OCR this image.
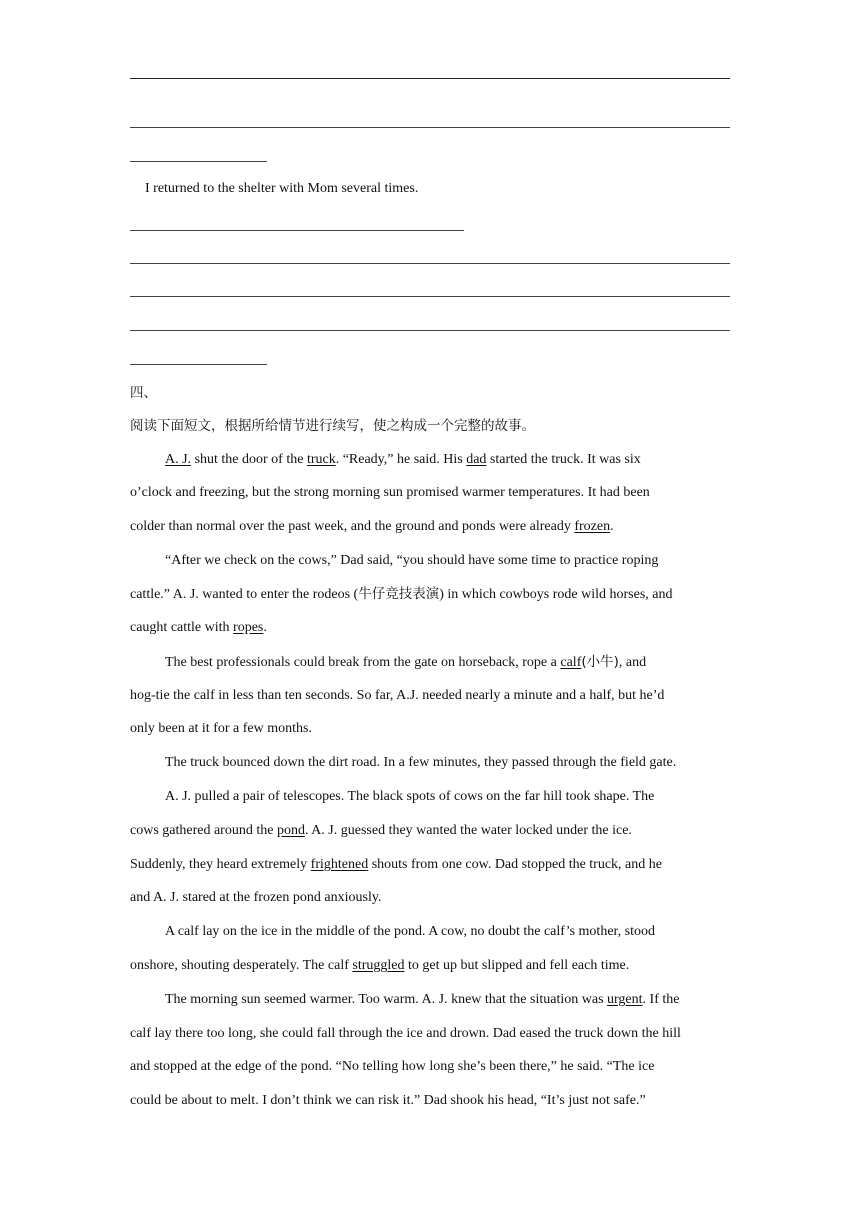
I returned to the shelter with Mom several times.
四、
阅读下面短文，根据所给情节进行续写，使之构成一个完整的故事。
A. J. shut the door of the truck. “Ready,” he said. His dad started the truck. It was six
o’clock and freezing, but the strong morning sun promised warmer temperatures. It had been
colder than normal over the past week, and the ground and ponds were already frozen.
“After we check on the cows,” Dad said, “you should have some time to practice roping
cattle.” A. J. wanted to enter the rodeos (牛仔竞技表演) in which cowboys rode wild horses, and
caught cattle with ropes.
The best professionals could break from the gate on horseback, rope a calf(小牛), and
hog-tie the calf in less than ten seconds. So far, A.J. needed nearly a minute and a half, but he’d
only been at it for a few months.
The truck bounced down the dirt road. In a few minutes, they passed through the field gate.
A. J. pulled a pair of telescopes. The black spots of cows on the far hill took shape. The
cows gathered around the pond. A. J. guessed they wanted the water locked under the ice.
Suddenly, they heard extremely frightened shouts from one cow. Dad stopped the truck, and he
and A. J. stared at the frozen pond anxiously.
A calf lay on the ice in the middle of the pond. A cow, no doubt the calf’s mother, stood
onshore, shouting desperately. The calf struggled to get up but slipped and fell each time.
The morning sun seemed warmer. Too warm. A. J. knew that the situation was urgent. If the
calf lay there too long, she could fall through the ice and drown. Dad eased the truck down the hill
and stopped at the edge of the pond. “No telling how long she’s been there,” he said. “The ice
could be about to melt. I don’t think we can risk it.” Dad shook his head, “It’s just not safe.”
